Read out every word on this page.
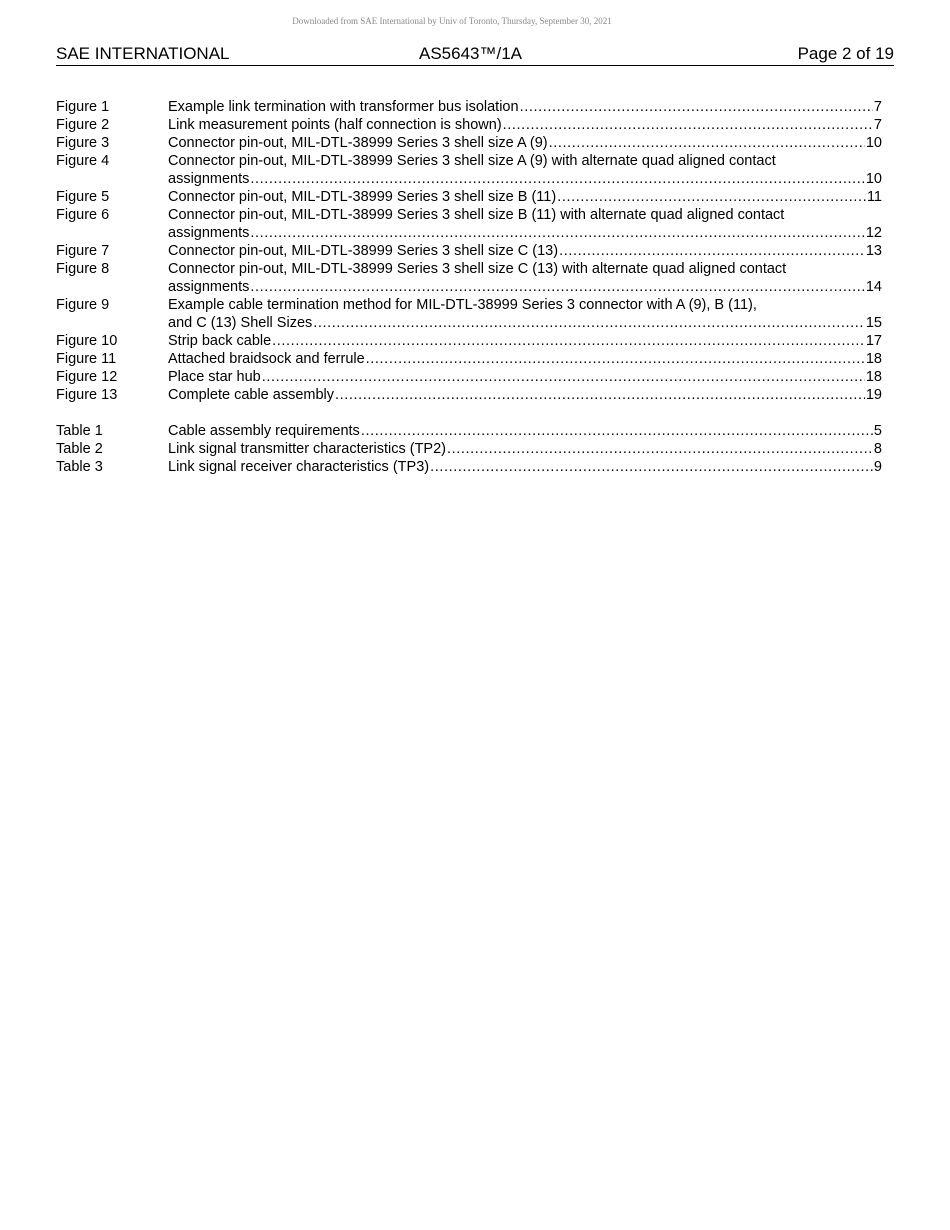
Downloaded from SAE International by Univ of Toronto, Thursday, September 30, 2021
SAE INTERNATIONAL	AS5643™/1A	Page 2 of 19
Figure 1	Example link termination with transformer bus isolation .....	7
Figure 2	Link measurement points (half connection is shown) .....	7
Figure 3	Connector pin-out, MIL-DTL-38999 Series 3 shell size A (9) .....	10
Figure 4	Connector pin-out, MIL-DTL-38999 Series 3 shell size A (9) with alternate quad aligned contact
assignments .....	10
Figure 5	Connector pin-out, MIL-DTL-38999 Series 3 shell size B (11) .....	11
Figure 6	Connector pin-out, MIL-DTL-38999 Series 3 shell size B (11) with alternate quad aligned contact
assignments .....	12
Figure 7	Connector pin-out, MIL-DTL-38999 Series 3 shell size C (13) .....	13
Figure 8	Connector pin-out, MIL-DTL-38999 Series 3 shell size C (13) with alternate quad aligned contact
assignments .....	14
Figure 9	Example cable termination method for MIL-DTL-38999 Series 3 connector with A (9), B (11),
and C (13) Shell Sizes .....	15
Figure 10	Strip back cable .....	17
Figure 11	Attached braidsock and ferrule .....	18
Figure 12	Place star hub .....	18
Figure 13	Complete cable assembly .....	19
Table 1	Cable assembly requirements .....	5
Table 2	Link signal transmitter characteristics (TP2) .....	8
Table 3	Link signal receiver characteristics (TP3) .....	9
